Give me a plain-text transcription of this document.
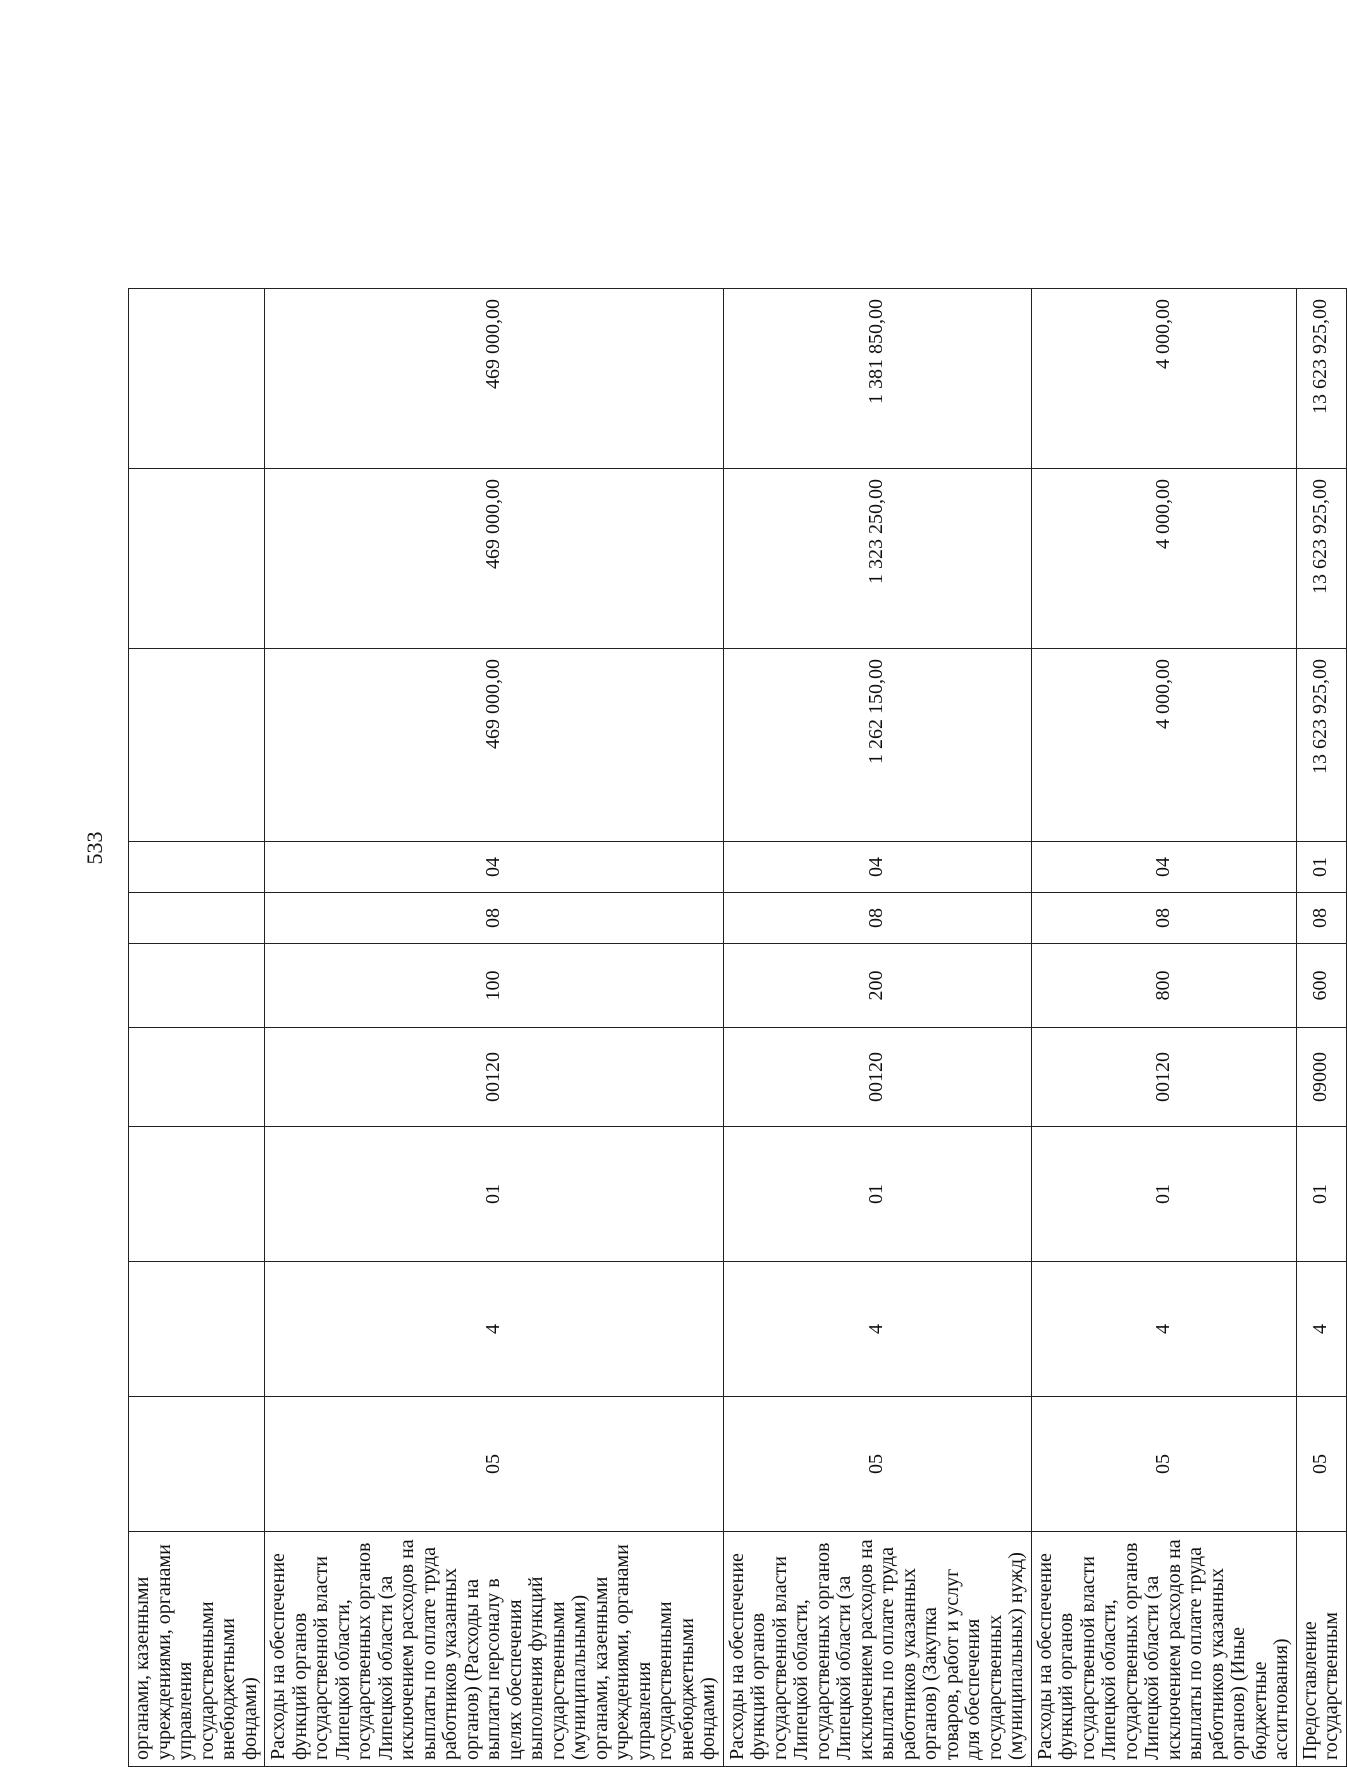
533
органами, казенными учреждениями, органами управления государственными внебюджетными фондами)										
Расходы на обеспечение функций органов государственной власти Липецкой области, государственных органов Липецкой области (за исключением расходов на выплаты по оплате труда работников указанных органов) (Расходы на выплаты персоналу в целях обеспечения выполнения функций государственными (муниципальными) органами, казенными учреждениями, органами управления государственными внебюджетными фондами)	05	4	01	00120	100	08	04	469 000,00	469 000,00	469 000,00
Расходы на обеспечение функций органов государственной власти Липецкой области, государственных органов Липецкой области (за исключением расходов на выплаты по оплате труда работников указанных органов) (Закупка товаров, работ и услуг для обеспечения государственных (муниципальных) нужд)	05	4	01	00120	200	08	04	1 262 150,00	1 323 250,00	1 381 850,00
Расходы на обеспечение функций органов государственной власти Липецкой области, государственных органов Липецкой области (за исключением расходов на выплаты по оплате труда работников указанных органов) (Иные бюджетные ассигнования)	05	4	01	00120	800	08	04	4 000,00	4 000,00	4 000,00
Предоставление государственным	05	4	01	09000	600	08	01	13 623 925,00	13 623 925,00	13 623 925,00
